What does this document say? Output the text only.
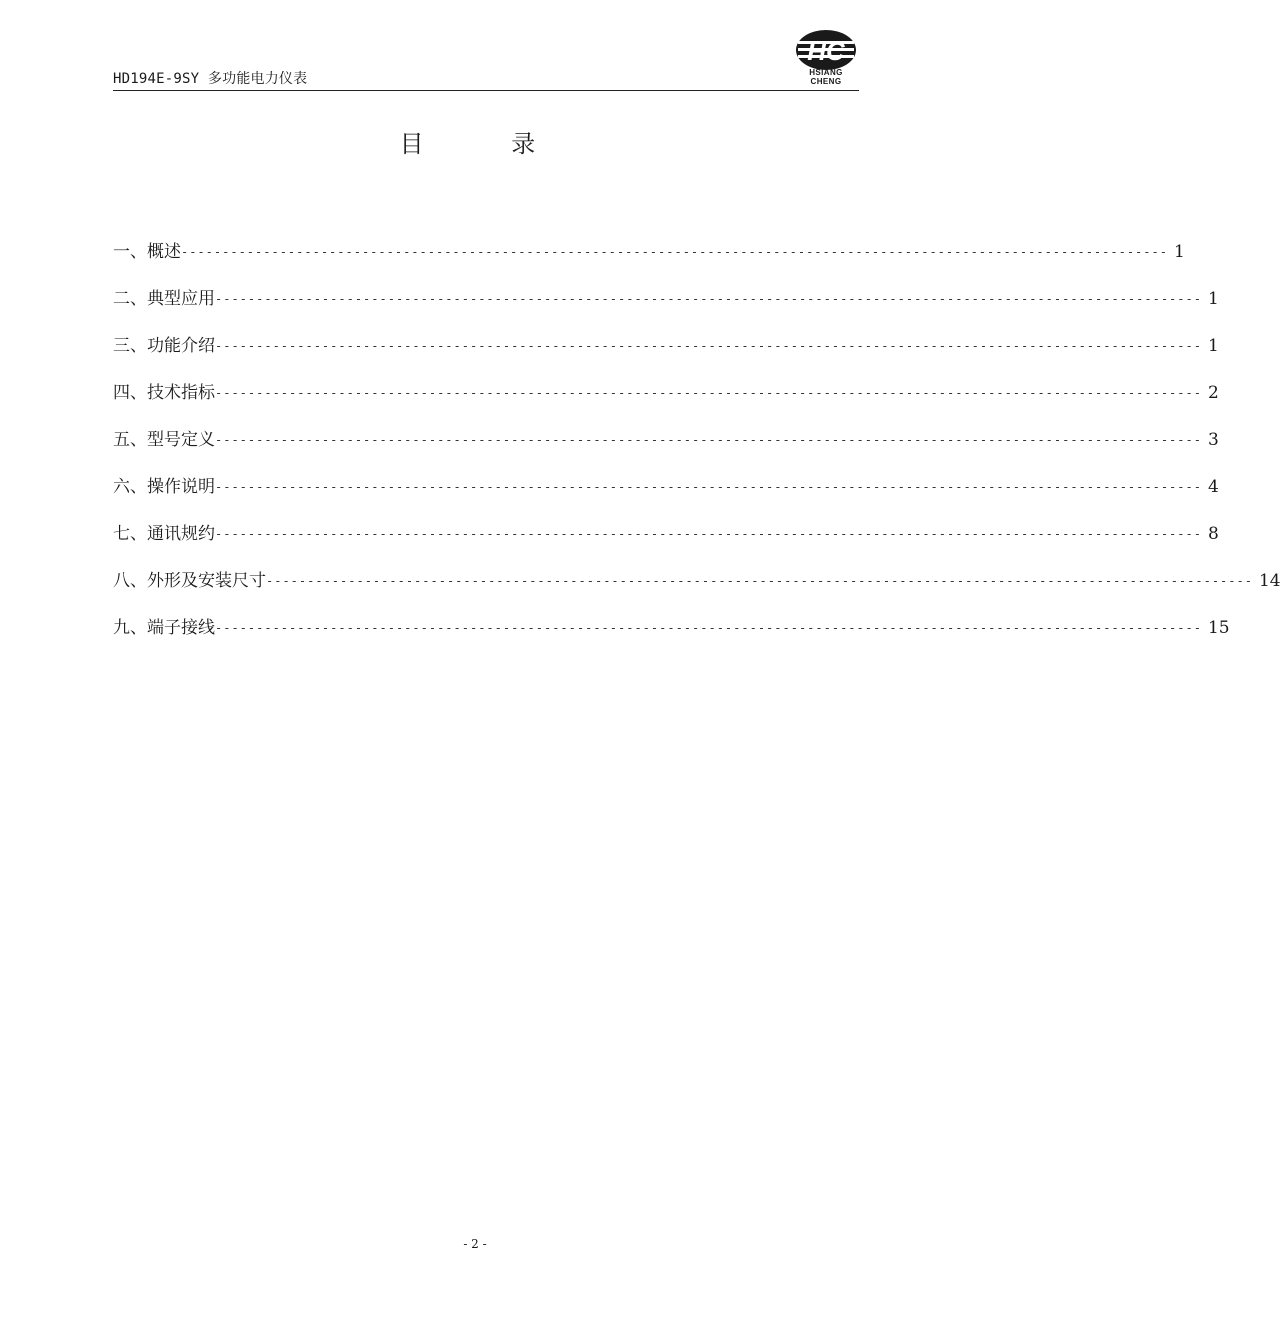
HD194E-9SY 多功能电力仪表
HC
HSIANG CHENG
目 录
一、概述 ------------------------------------------------------------------------------------------------------------------------ 1
二、典型应用 ------------------------------------------------------------------------------------------------------------------------ 1
三、功能介绍 ------------------------------------------------------------------------------------------------------------------------ 1
四、技术指标 ------------------------------------------------------------------------------------------------------------------------ 2
五、型号定义 ------------------------------------------------------------------------------------------------------------------------ 3
六、操作说明 ------------------------------------------------------------------------------------------------------------------------ 4
七、通讯规约 ------------------------------------------------------------------------------------------------------------------------ 8
八、外形及安装尺寸 ------------------------------------------------------------------------------------------------------------------------ 14
九、端子接线 ------------------------------------------------------------------------------------------------------------------------ 15
- 2 -
